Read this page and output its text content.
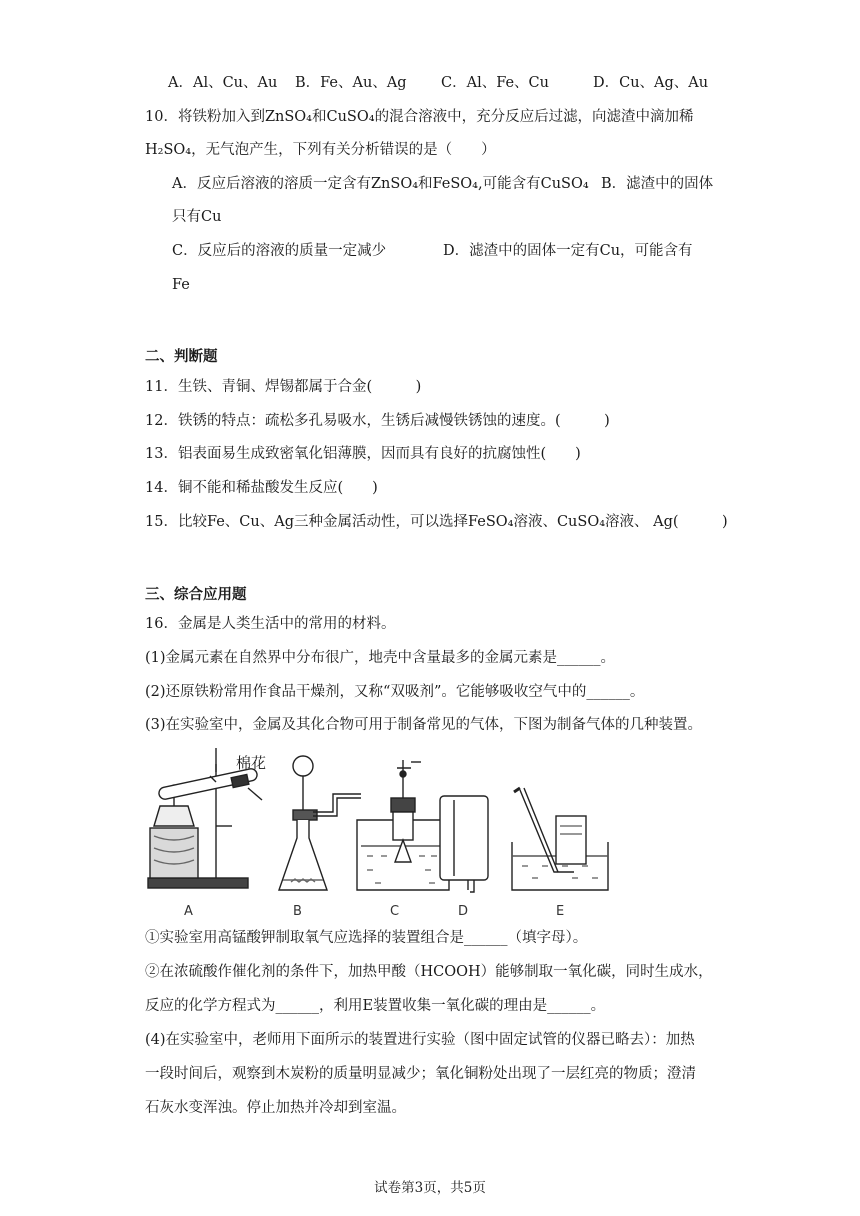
A．Al、Cu、Au B．Fe、Au、Ag C．Al、Fe、Cu	D．Cu、Ag、Au
10．将铁粉加入到ZnSO₄和CuSO₄的混合溶液中，充分反应后过滤，向滤渣中滴加稀
H₂SO₄，无气泡产生，下列有关分析错误的是（　　）
A．反应后溶液的溶质一定含有ZnSO₄和FeSO₄,可能含有CuSO₄ B．滤渣中的固体
只有Cu
C．反应后的溶液的质量一定减少	D．滤渣中的固体一定有Cu，可能含有
Fe
二、判断题
11．生铁、青铜、焊锡都属于合金(　　　)
12．铁锈的特点：疏松多孔易吸水，生锈后减慢铁锈蚀的速度。(　　　)
13．铝表面易生成致密氧化铝薄膜，因而具有良好的抗腐蚀性(　　)
14．铜不能和稀盐酸发生反应(　　)
15．比较Fe、Cu、Ag三种金属活动性，可以选择FeSO₄溶液、CuSO₄溶液、 Ag(　　　)
三、综合应用题
16．金属是人类生活中的常用的材料。
(1)金属元素在自然界中分布很广，地壳中含量最多的金属元素是______。
(2)还原铁粉常用作食品干燥剂，又称“双吸剂”。它能够吸收空气中的______。
(3)在实验室中，金属及其化合物可用于制备常见的气体，下图为制备气体的几种装置。
棉花
A	B	C	D	E
①实验室用高锰酸钾制取氧气应选择的装置组合是______（填字母）。
②在浓硫酸作催化剂的条件下，加热甲酸（HCOOH）能够制取一氧化碳，同时生成水，
反应的化学方程式为______，利用E装置收集一氧化碳的理由是______。
(4)在实验室中，老师用下面所示的装置进行实验（图中固定试管的仪器已略去）：加热
一段时间后，观察到木炭粉的质量明显减少；氧化铜粉处出现了一层红亮的物质；澄清
石灰水变浑浊。停止加热并冷却到室温。
试卷第3页，共5页
